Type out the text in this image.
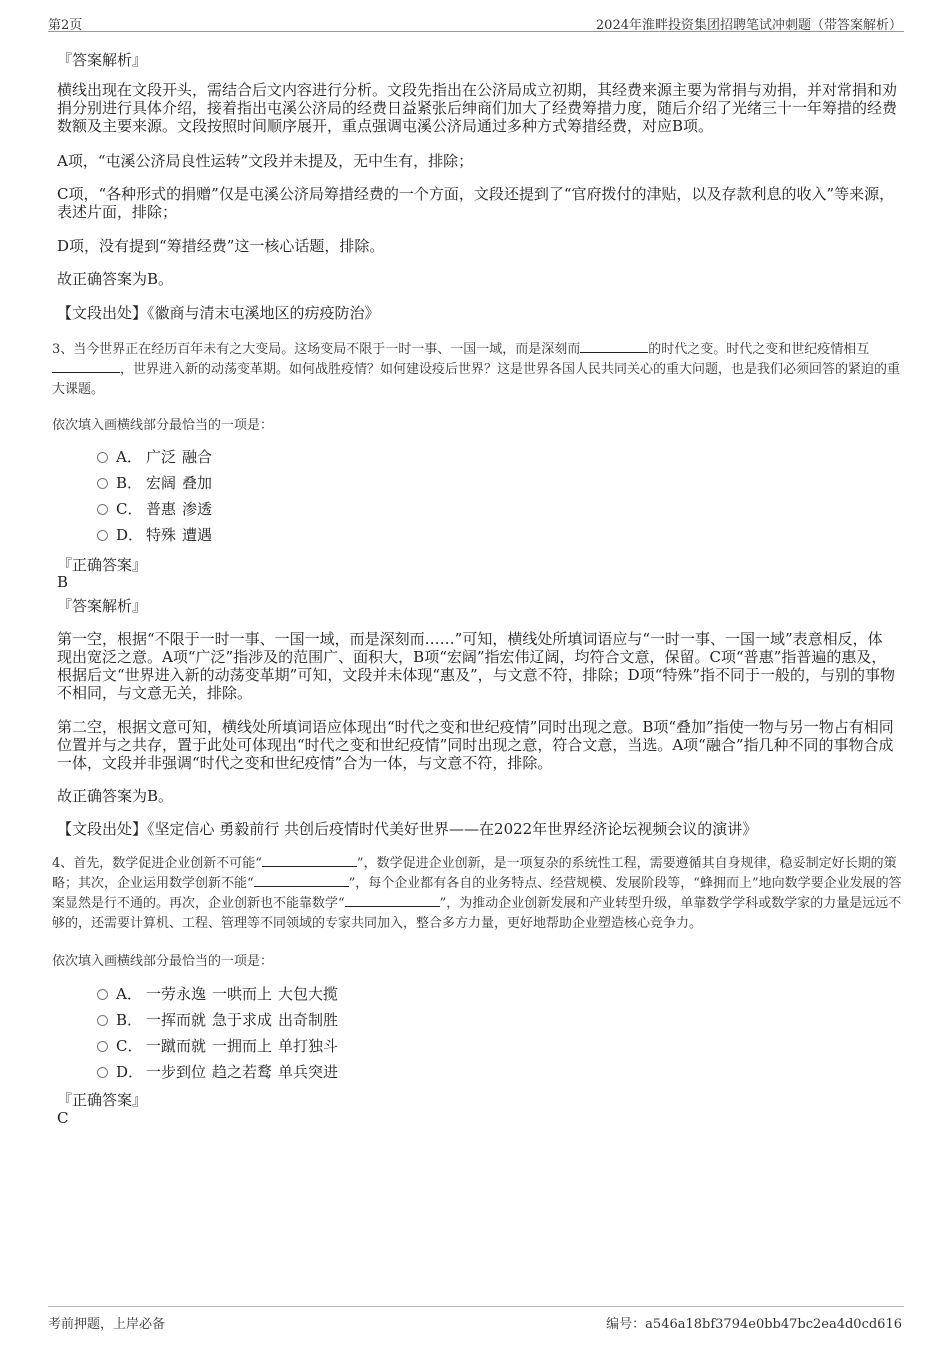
第2页	2024年淮畔投资集团招聘笔试冲刺题（带答案解析）
『答案解析』
横线出现在文段开头，需结合后文内容进行分析。文段先指出在公济局成立初期，其经费来源主要为常捐与劝捐，并对常捐和劝捐分别进行具体介绍，接着指出屯溪公济局的经费日益紧张后绅商们加大了经费筹措力度，随后介绍了光绪三十一年筹措的经费数额及主要来源。文段按照时间顺序展开，重点强调屯溪公济局通过多种方式筹措经费，对应B项。
A项，“屯溪公济局良性运转”文段并未提及，无中生有，排除；
C项，“各种形式的捐赠”仅是屯溪公济局筹措经费的一个方面，文段还提到了“官府拨付的津贴，以及存款利息的收入”等来源，表述片面，排除；
D项，没有提到“筹措经费”这一核心话题，排除。
故正确答案为B。
【文段出处】《徽商与清末屯溪地区的疠疫防治》
3、当今世界正在经历百年未有之大变局。这场变局不限于一时一事、一国一域，而是深刻而	的时代之变。时代之变和世纪疫情相互，世界进入新的动荡变革期。如何战胜疫情？如何建设疫后世界？这是世界各国人民共同关心的重大问题，也是我们必须回答的紧迫的重大课题。
依次填入画横线部分最恰当的一项是：
A． 广泛 融合
B． 宏阔 叠加
C． 普惠 渗透
D． 特殊 遭遇
『正确答案』
B
『答案解析』
第一空，根据“不限于一时一事、一国一域，而是深刻而……”可知，横线处所填词语应与“一时一事、一国一域”表意相反，体现出宽泛之意。A项“广泛”指涉及的范围广、面积大，B项“宏阔”指宏伟辽阔，均符合文意，保留。C项“普惠”指普遍的惠及，根据后文“世界进入新的动荡变革期”可知，文段并未体现“惠及”，与文意不符，排除；D项“特殊”指不同于一般的，与别的事物不相同，与文意无关，排除。
第二空，根据文意可知，横线处所填词语应体现出“时代之变和世纪疫情”同时出现之意。B项“叠加”指使一物与另一物占有相同位置并与之共存，置于此处可体现出“时代之变和世纪疫情”同时出现之意，符合文意，当选。A项“融合”指几种不同的事物合成一体，文段并非强调“时代之变和世纪疫情”合为一体，与文意不符，排除。
故正确答案为B。
【文段出处】《坚定信心 勇毅前行 共创后疫情时代美好世界——在2022年世界经济论坛视频会议的演讲》
4、首先，数学促进企业创新不可能“	”，数学促进企业创新，是一项复杂的系统性工程，需要遵循其自身规律，稳妥制定好长期的策略；其次，企业运用数学创新不能“	”，每个企业都有各自的业务特点、经营规模、发展阶段等，“蜂拥而上”地向数学要企业发展的答案显然是行不通的。再次，企业创新也不能靠数学“	”，为推动企业创新发展和产业转型升级，单靠数学学科或数学家的力量是远远不够的，还需要计算机、工程、管理等不同领域的专家共同加入，整合多方力量，更好地帮助企业塑造核心竞争力。
依次填入画横线部分最恰当的一项是：
A． 一劳永逸 一哄而上 大包大揽
B． 一挥而就 急于求成 出奇制胜
C． 一蹴而就 一拥而上 单打独斗
D． 一步到位 趋之若鹜 单兵突进
『正确答案』
C
考前押题，上岸必备	编号：a546a18bf3794e0bb47bc2ea4d0cd616
